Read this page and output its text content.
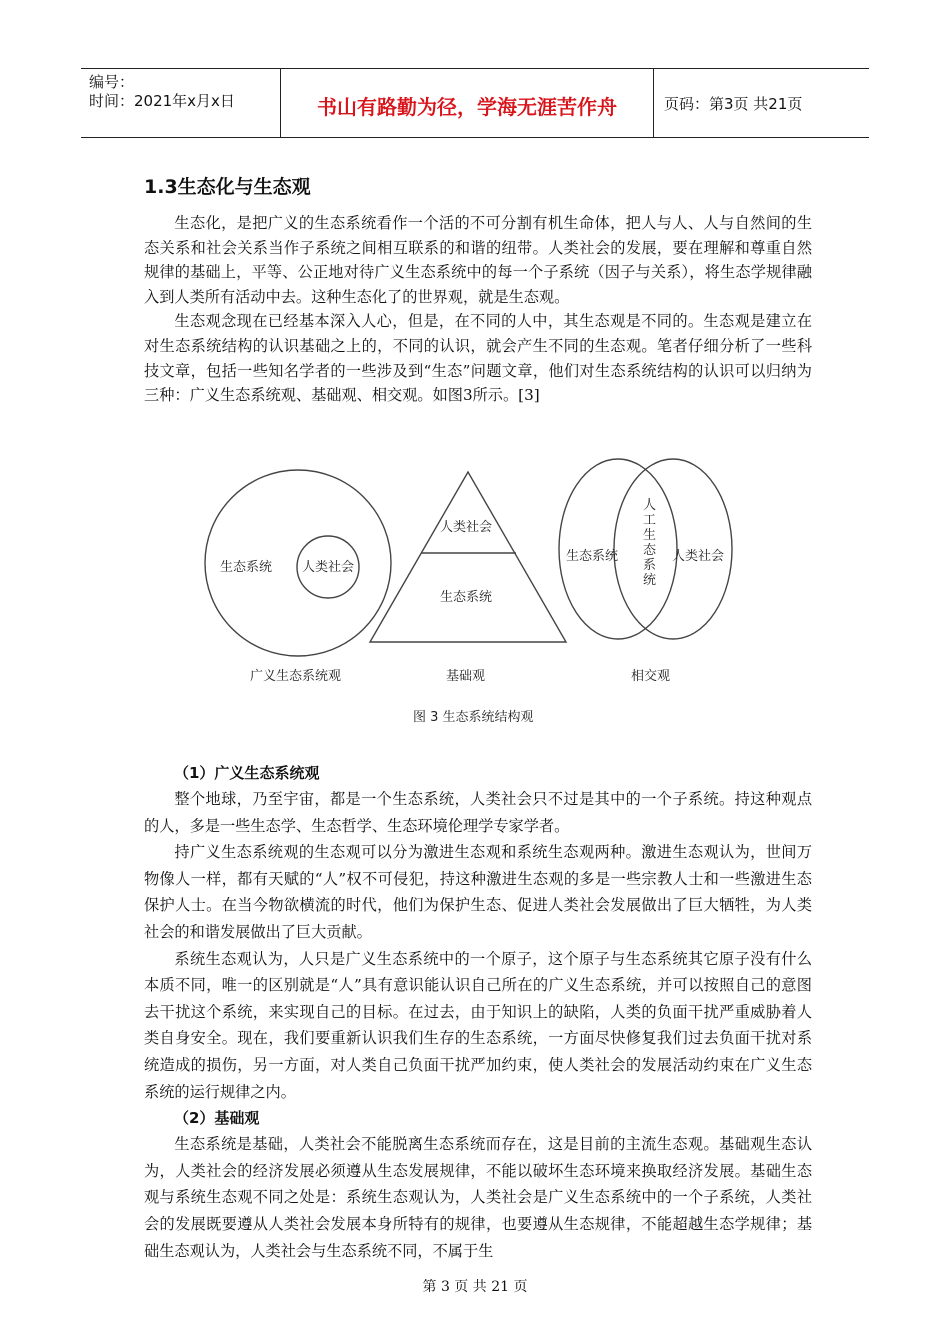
编号：
时间：2021年x月x日	书山有路勤为径，学海无涯苦作舟	页码：第3页 共21页
1.3生态化与生态观

生态化，是把广义的生态系统看作一个活的不可分割有机生命体，把人与人、人与自然间的生态关系和社会关系当作子系统之间相互联系的和谐的纽带。人类社会的发展，要在理解和尊重自然规律的基础上，平等、公正地对待广义生态系统中的每一个子系统（因子与关系），将生态学规律融入到人类所有活动中去。这种生态化了的世界观，就是生态观。

生态观念现在已经基本深入人心，但是，在不同的人中，其生态观是不同的。生态观是建立在对生态系统结构的认识基础之上的，不同的认识，就会产生不同的生态观。笔者仔细分析了一些科技文章，包括一些知名学者的一些涉及到“生态”问题文章，他们对生态系统结构的认识可以归纳为三种：广义生态系统观、基础观、相交观。如图3所示。[3]

生态系统 人类社会
广义生态系统观
人类社会
生态系统
基础观
生态系统	人类社会
人
工
生
态
系
统
相交观
图 3 生态系统结构观
（1）广义生态系统观

整个地球，乃至宇宙，都是一个生态系统，人类社会只不过是其中的一个子系统。持这种观点的人，多是一些生态学、生态哲学、生态环境伦理学专家学者。

持广义生态系统观的生态观可以分为激进生态观和系统生态观两种。激进生态观认为，世间万物像人一样，都有天赋的“人”权不可侵犯，持这种激进生态观的多是一些宗教人士和一些激进生态保护人士。在当今物欲横流的时代，他们为保护生态、促进人类社会发展做出了巨大牺牲，为人类社会的和谐发展做出了巨大贡献。

系统生态观认为，人只是广义生态系统中的一个原子，这个原子与生态系统其它原子没有什么本质不同，唯一的区别就是“人”具有意识能认识自己所在的广义生态系统，并可以按照自己的意图去干扰这个系统，来实现自己的目标。在过去，由于知识上的缺陷，人类的负面干扰严重威胁着人类自身安全。现在，我们要重新认识我们生存的生态系统，一方面尽快修复我们过去负面干扰对系统造成的损伤，另一方面，对人类自己负面干扰严加约束，使人类社会的发展活动约束在广义生态系统的运行规律之内。

（2）基础观

生态系统是基础，人类社会不能脱离生态系统而存在，这是目前的主流生态观。基础观生态认为，人类社会的经济发展必须遵从生态发展规律，不能以破坏生态环境来换取经济发展。基础生态观与系统生态观不同之处是：系统生态观认为，人类社会是广义生态系统中的一个子系统，人类社会的发展既要遵从人类社会发展本身所特有的规律，也要遵从生态规律，不能超越生态学规律；基础生态观认为，人类社会与生态系统不同，不属于生

第 3 页 共 21 页
